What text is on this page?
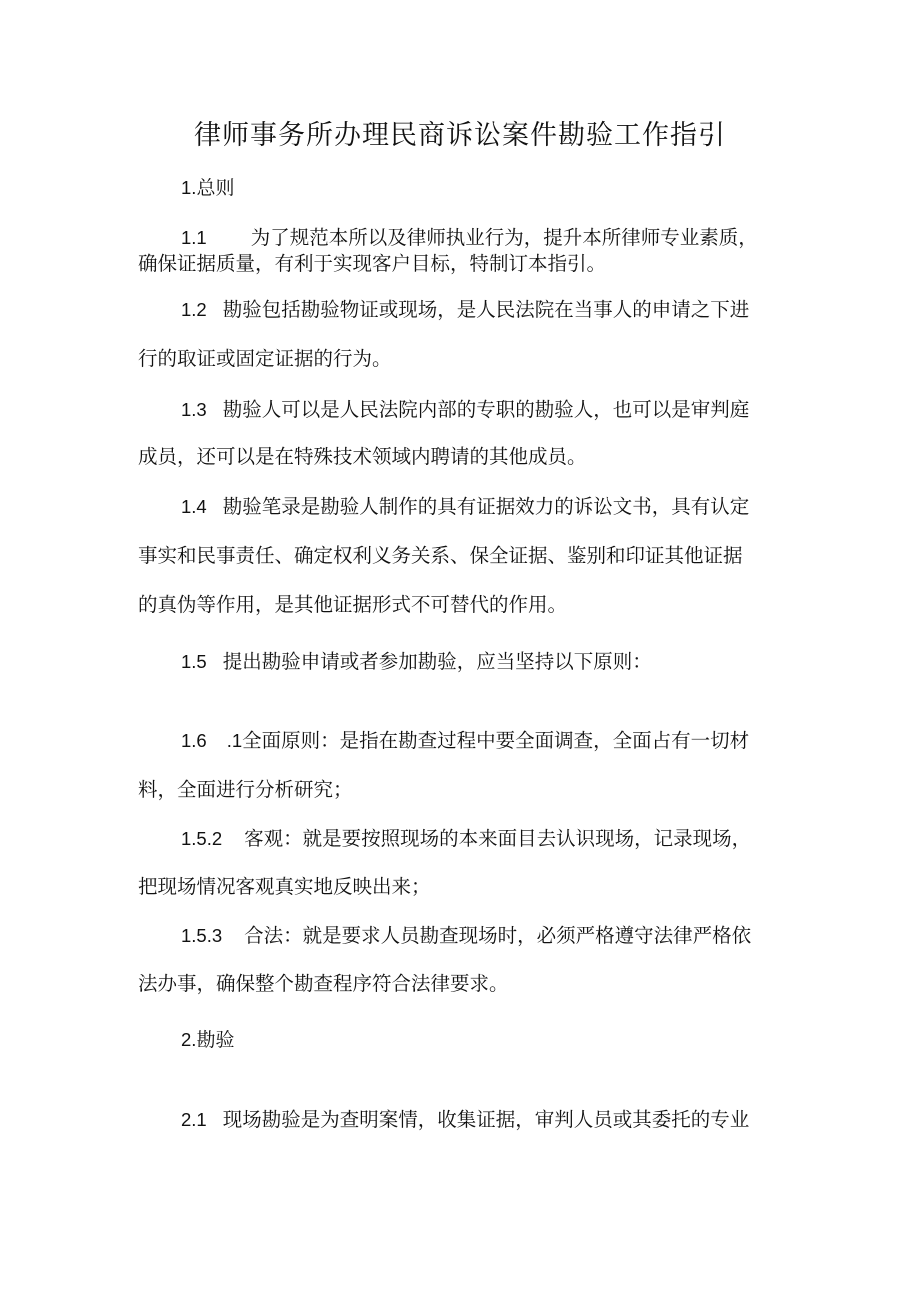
律师事务所办理民商诉讼案件勘验工作指引
1.总则
1.1 为了规范本所以及律师执业行为，提升本所律师专业素质，
确保证据质量，有利于实现客户目标，特制订本指引。
1.2 勘验包括勘验物证或现场，是人民法院在当事人的申请之下进
行的取证或固定证据的行为。
1.3 勘验人可以是人民法院内部的专职的勘验人，也可以是审判庭
成员，还可以是在特殊技术领域内聘请的其他成员。
1.4 勘验笔录是勘验人制作的具有证据效力的诉讼文书，具有认定
事实和民事责任、确定权利义务关系、保全证据、鉴别和印证其他证据
的真伪等作用，是其他证据形式不可替代的作用。
1.5 提出勘验申请或者参加勘验，应当坚持以下原则：
1.6 .1全面原则：是指在勘查过程中要全面调查，全面占有一切材
料，全面进行分析研究；
1.5.2 客观：就是要按照现场的本来面目去认识现场，记录现场，
把现场情况客观真实地反映出来；
1.5.3 合法：就是要求人员勘查现场时，必须严格遵守法律严格依
法办事，确保整个勘查程序符合法律要求。
2.勘验
2.1 现场勘验是为查明案情，收集证据，审判人员或其委托的专业
